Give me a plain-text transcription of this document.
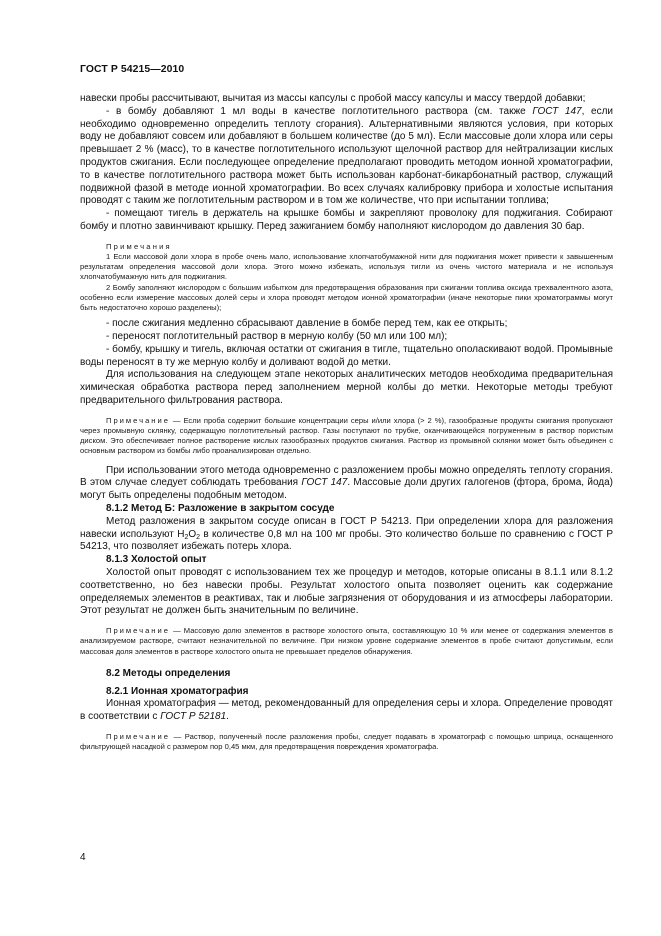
ГОСТ Р 54215—2010

навески пробы рассчитывают, вычитая из массы капсулы с пробой массу капсулы и массу твердой добавки;

- в бомбу добавляют 1 мл воды в качестве поглотительного раствора (см. также ГОСТ 147, если необходимо одновременно определить теплоту сгорания). Альтернативными являются условия, при которых воду не добавляют совсем или добавляют в большем количестве (до 5 мл). Если массовые доли хлора или серы превышает 2 % (масс), то в качестве поглотительного используют щелочной раствор для нейтрализации кислых продуктов сжигания. Если последующее определение предполагают проводить методом ионной хроматографии, то в качестве поглотительного раствора может быть использован карбонат-бикарбонатный раствор, служащий подвижной фазой в методе ионной хроматографии. Во всех случаях калибровку прибора и холостые испытания проводят с таким же поглотительным раствором и в том же количестве, что при испытании топлива;

- помещают тигель в держатель на крышке бомбы и закрепляют проволоку для поджигания. Собирают бомбу и плотно завинчивают крышку. Перед зажиганием бомбу наполняют кислородом до давления 30 бар.

Примечания

1 Если массовой доли хлора в пробе очень мало, использование хлопчатобумажной нити для поджигания может привести к завышенным результатам определения массовой доли хлора. Этого можно избежать, используя тигли из очень чистого материала и не используя хлопчатобумажную нить для поджигания.

2 Бомбу заполняют кислородом с большим избытком для предотвращения образования при сжигании топлива оксида трехвалентного азота, особенно если измерение массовых долей серы и хлора проводят методом ионной хроматографии (иначе некоторые пики хроматограммы могут быть недостаточно хорошо разделены);

- после сжигания медленно сбрасывают давление в бомбе перед тем, как ее открыть;

- переносят поглотительный раствор в мерную колбу (50 мл или 100 мл);

- бомбу, крышку и тигель, включая остатки от сжигания в тигле, тщательно ополаскивают водой. Промывные воды переносят в ту же мерную колбу и доливают водой до метки.

Для использования на следующем этапе некоторых аналитических методов необходима предварительная химическая обработка раствора перед заполнением мерной колбы до метки. Некоторые методы требуют предварительного фильтрования раствора.

Примечание — Если проба содержит большие концентрации серы и/или хлора (> 2 %), газообразные продукты сжигания пропускают через промывную склянку, содержащую поглотительный раствор. Газы поступают по трубке, оканчивающейся погруженным в раствор пористым диском. Это обеспечивает полное растворение кислых газообразных продуктов сжигания. Раствор из промывной склянки может быть объединен с основным раствором из бомбы либо проанализирован отдельно.

При использовании этого метода одновременно с разложением пробы можно определять теплоту сгорания. В этом случае следует соблюдать требования ГОСТ 147. Массовые доли других галогенов (фтора, брома, йода) могут быть определены подобным методом.

8.1.2 Метод Б: Разложение в закрытом сосуде

Метод разложения в закрытом сосуде описан в ГОСТ Р 54213. При определении хлора для разложения навески используют $H_2O_2$ в количестве 0,8 мл на 100 мг пробы. Это количество больше по сравнению с ГОСТ Р 54213, что позволяет избежать потерь хлора.

8.1.3 Холостой опыт

Холостой опыт проводят с использованием тех же процедур и методов, которые описаны в 8.1.1 или 8.1.2 соответственно, но без навески пробы. Результат холостого опыта позволяет оценить как содержание определяемых элементов в реактивах, так и любые загрязнения от оборудования и из атмосферы лаборатории. Этот результат не должен быть значительным по величине.

Примечание — Массовую долю элементов в растворе холостого опыта, составляющую 10 % или менее от содержания элементов в анализируемом растворе, считают незначительной по величине. При низком уровне содержание элементов в пробе считают допустимым, если массовая доля элементов в растворе холостого опыта не превышает пределов обнаружения.

8.2 Методы определения

8.2.1 Ионная хроматография

Ионная хроматография — метод, рекомендованный для определения серы и хлора. Определение проводят в соответствии с ГОСТ Р 52181.

Примечание — Раствор, полученный после разложения пробы, следует подавать в хроматограф с помощью шприца, оснащенного фильтрующей насадкой с размером пор 0,45 мкм, для предотвращения повреждения хроматографа.

4
